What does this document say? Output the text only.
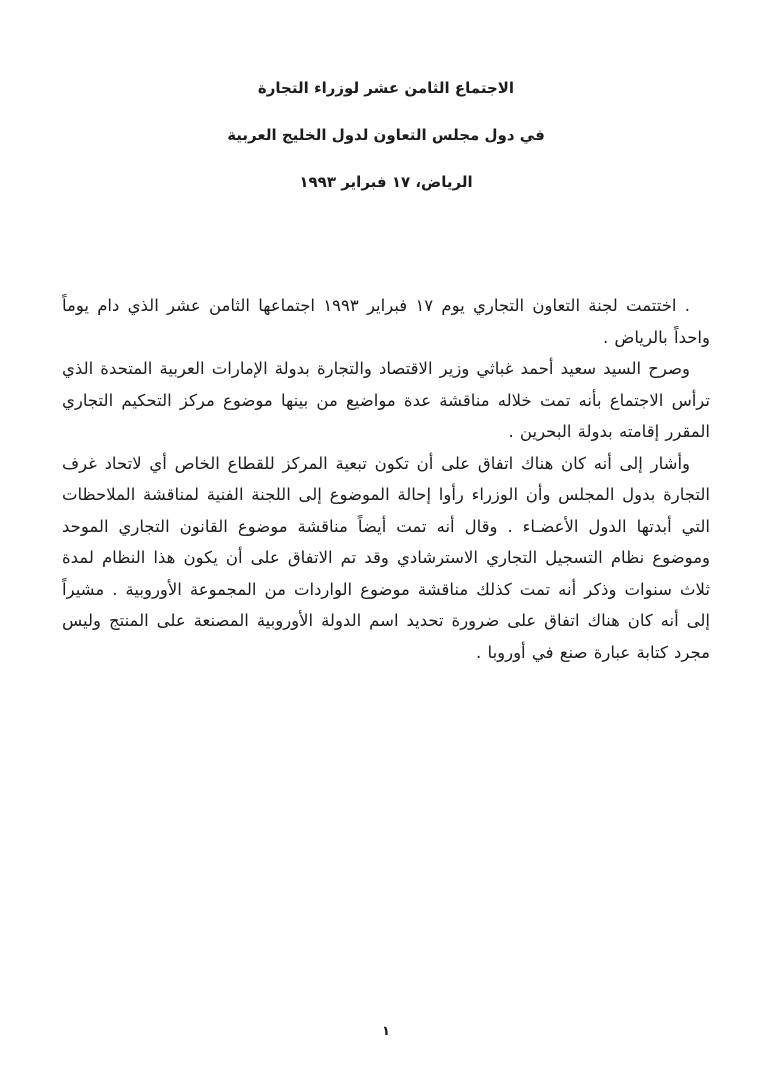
الاجتماع الثامن عشر لوزراء التجارة
في دول مجلس التعاون لدول الخليج العربية
الرياض، ١٧ فبراير ١٩٩٣

. اختتمت لجنة التعاون التجاري يوم ١٧ فبراير ١٩٩٣ اجتماعها الثامن عشر الذي دام يوماً واحداً بالرياض .

وصرح السيد سعيد أحمد غباثي وزير الاقتصاد والتجارة بدولة الإمارات العربية المتحدة الذي ترأس الاجتماع بأنه تمت خلاله مناقشة عدة مواضيع من بينها موضوع مركز التحكيم التجاري المقرر إقامته بدولة البحرين .

وأشار إلى أنه كان هناك اتفاق على أن تكون تبعية المركز للقطاع الخاص أي لاتحاد غرف التجارة بدول المجلس وأن الوزراء رأوا إحالة الموضوع إلى اللجنة الفنية لمناقشة الملاحظات التي أبدتها الدول الأعضـاء . وقال أنه تمت أيضاً مناقشة موضوع القانون التجاري الموحد وموضوع نظام التسجيل التجاري الاسترشادي وقد تم الاتفاق على أن يكون هذا النظام لمدة ثلاث سنوات وذكر أنه تمت كذلك مناقشة موضوع الواردات من المجموعة الأوروبية . مشيراً إلى أنه كان هناك اتفاق على ضرورة تحديد اسم الدولة الأوروبية المصنعة على المنتج وليس مجرد كتابة عبارة صنع في أوروبا .

١
